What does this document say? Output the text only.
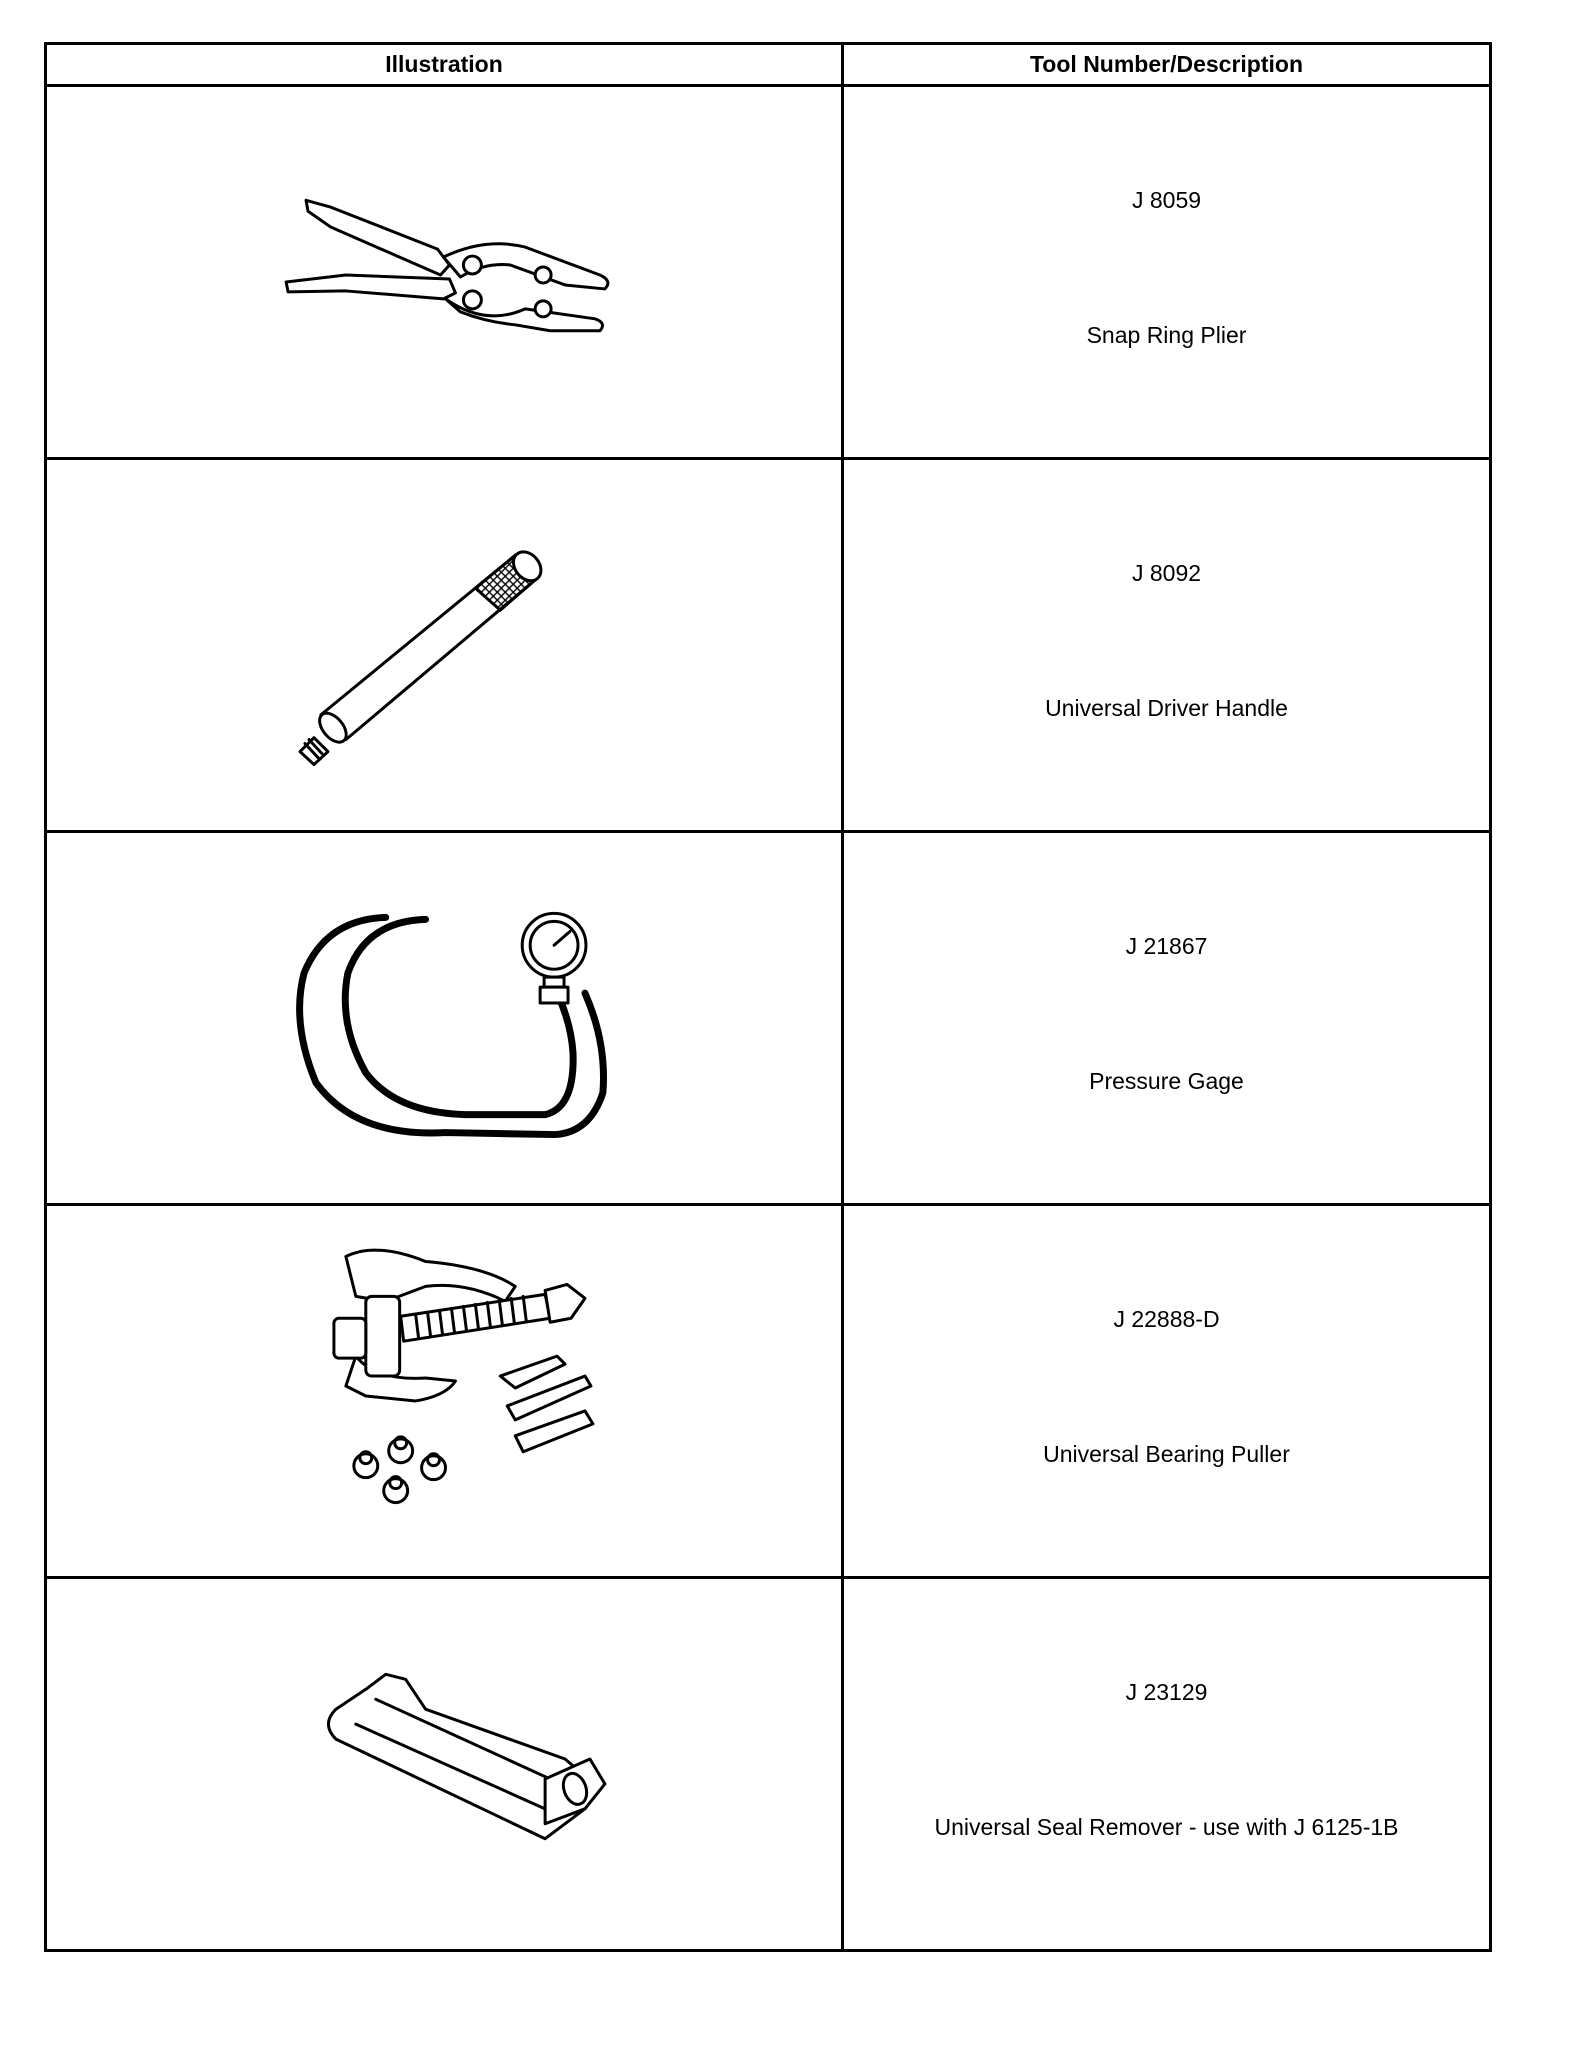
Illustration	Tool Number/Description

J 8059
Snap Ring Plier

J 8092
Universal Driver Handle

J 21867
Pressure Gage

J 22888-D
Universal Bearing Puller

J 23129
Universal Seal Remover - use with J 6125-1B
